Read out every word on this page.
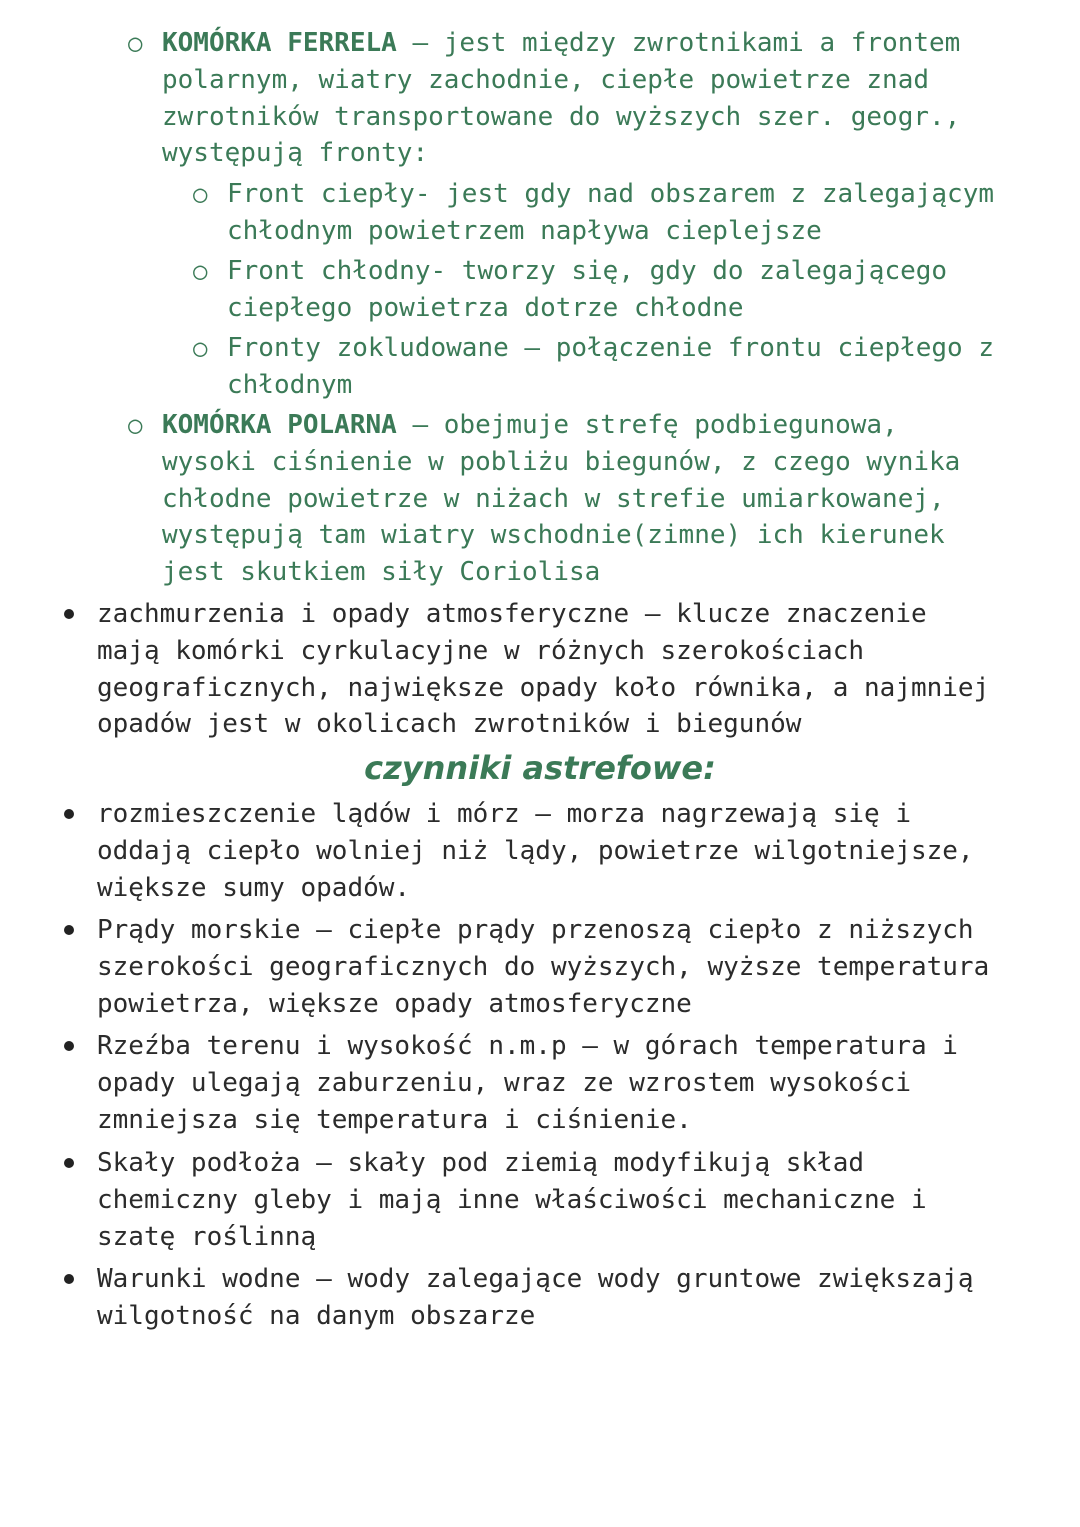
○ KOMÓRKA FERRELA – jest między zwrotnikami a frontem
polarnym, wiatry zachodnie, ciepłe powietrze znad
zwrotników transportowane do wyższych szer. geogr.,
występują fronty:
○ Front ciepły- jest gdy nad obszarem z zalegającym
chłodnym powietrzem napływa cieplejsze
○ Front chłodny- tworzy się, gdy do zalegającego
ciepłego powietrza dotrze chłodne
○ Fronty zokludowane – połączenie frontu ciepłego z
chłodnym
○ KOMÓRKA POLARNA – obejmuje strefę podbiegunowa,
wysoki ciśnienie w pobliżu biegunów, z czego wynika
chłodne powietrze w niżach w strefie umiarkowanej,
występują tam wiatry wschodnie(zimne) ich kierunek
jest skutkiem siły Coriolisa
zachmurzenia i opady atmosferyczne – klucze znaczenie
mają komórki cyrkulacyjne w różnych szerokościach
geograficznych, największe opady koło równika, a najmniej
opadów jest w okolicach zwrotników i biegunów
czynniki astrefowe:
rozmieszczenie lądów i mórz – morza nagrzewają się i
oddają ciepło wolniej niż lądy, powietrze wilgotniejsze,
większe sumy opadów.
Prądy morskie – ciepłe prądy przenoszą ciepło z niższych
szerokości geograficznych do wyższych, wyższe temperatura
powietrza, większe opady atmosferyczne
Rzeźba terenu i wysokość n.m.p – w górach temperatura i
opady ulegają zaburzeniu, wraz ze wzrostem wysokości
zmniejsza się temperatura i ciśnienie.
Skały podłoża – skały pod ziemią modyfikują skład
chemiczny gleby i mają inne właściwości mechaniczne i
szatę roślinną
Warunki wodne – wody zalegające wody gruntowe zwiększają
wilgotność na danym obszarze
